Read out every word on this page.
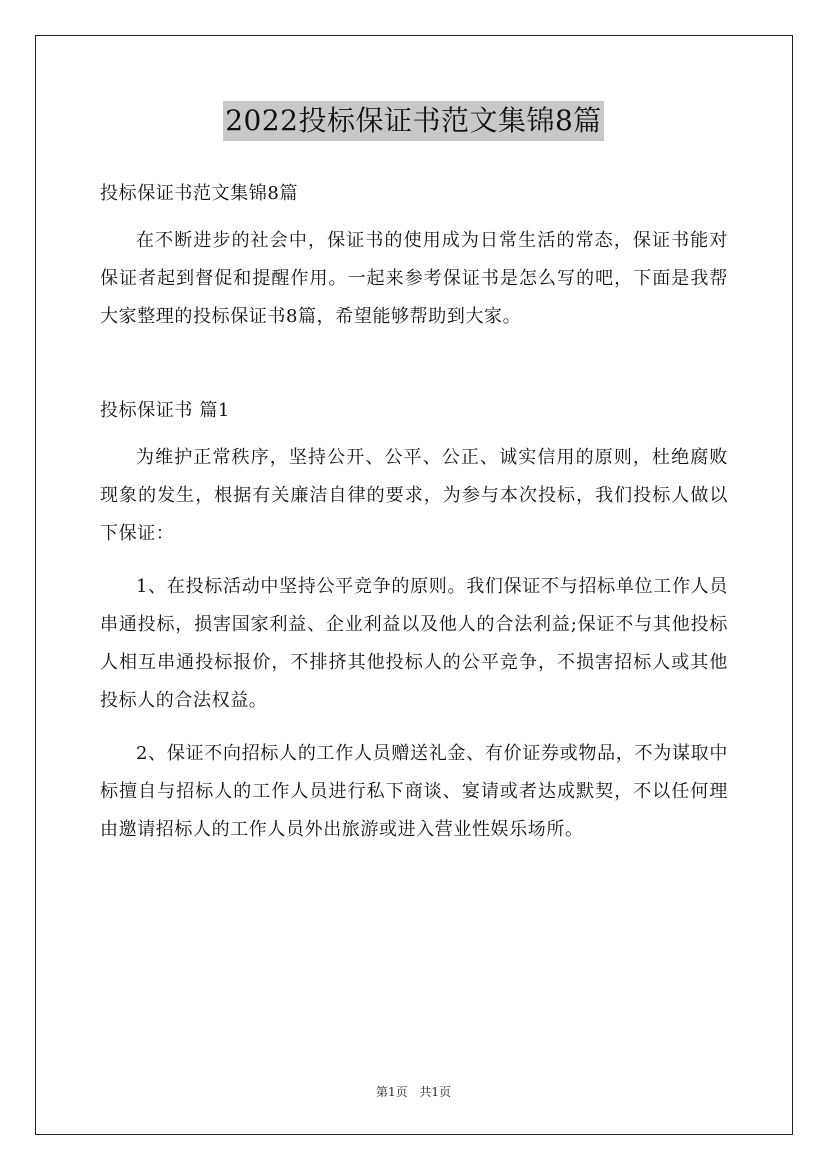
2022投标保证书范文集锦8篇
投标保证书范文集锦8篇

在不断进步的社会中，保证书的使用成为日常生活的常态，保证书能对保证者起到督促和提醒作用。一起来参考保证书是怎么写的吧，下面是我帮大家整理的投标保证书8篇，希望能够帮助到大家。

投标保证书 篇1

为维护正常秩序，坚持公开、公平、公正、诚实信用的原则，杜绝腐败现象的发生，根据有关廉洁自律的要求，为参与本次投标，我们投标人做以下保证：

1、在投标活动中坚持公平竞争的原则。我们保证不与招标单位工作人员串通投标，损害国家利益、企业利益以及他人的合法利益;保证不与其他投标人相互串通投标报价，不排挤其他投标人的公平竞争，不损害招标人或其他投标人的合法权益。

2、保证不向招标人的工作人员赠送礼金、有价证券或物品，不为谋取中标擅自与招标人的工作人员进行私下商谈、宴请或者达成默契，不以任何理由邀请招标人的工作人员外出旅游或进入营业性娱乐场所。

第1页 共1页
